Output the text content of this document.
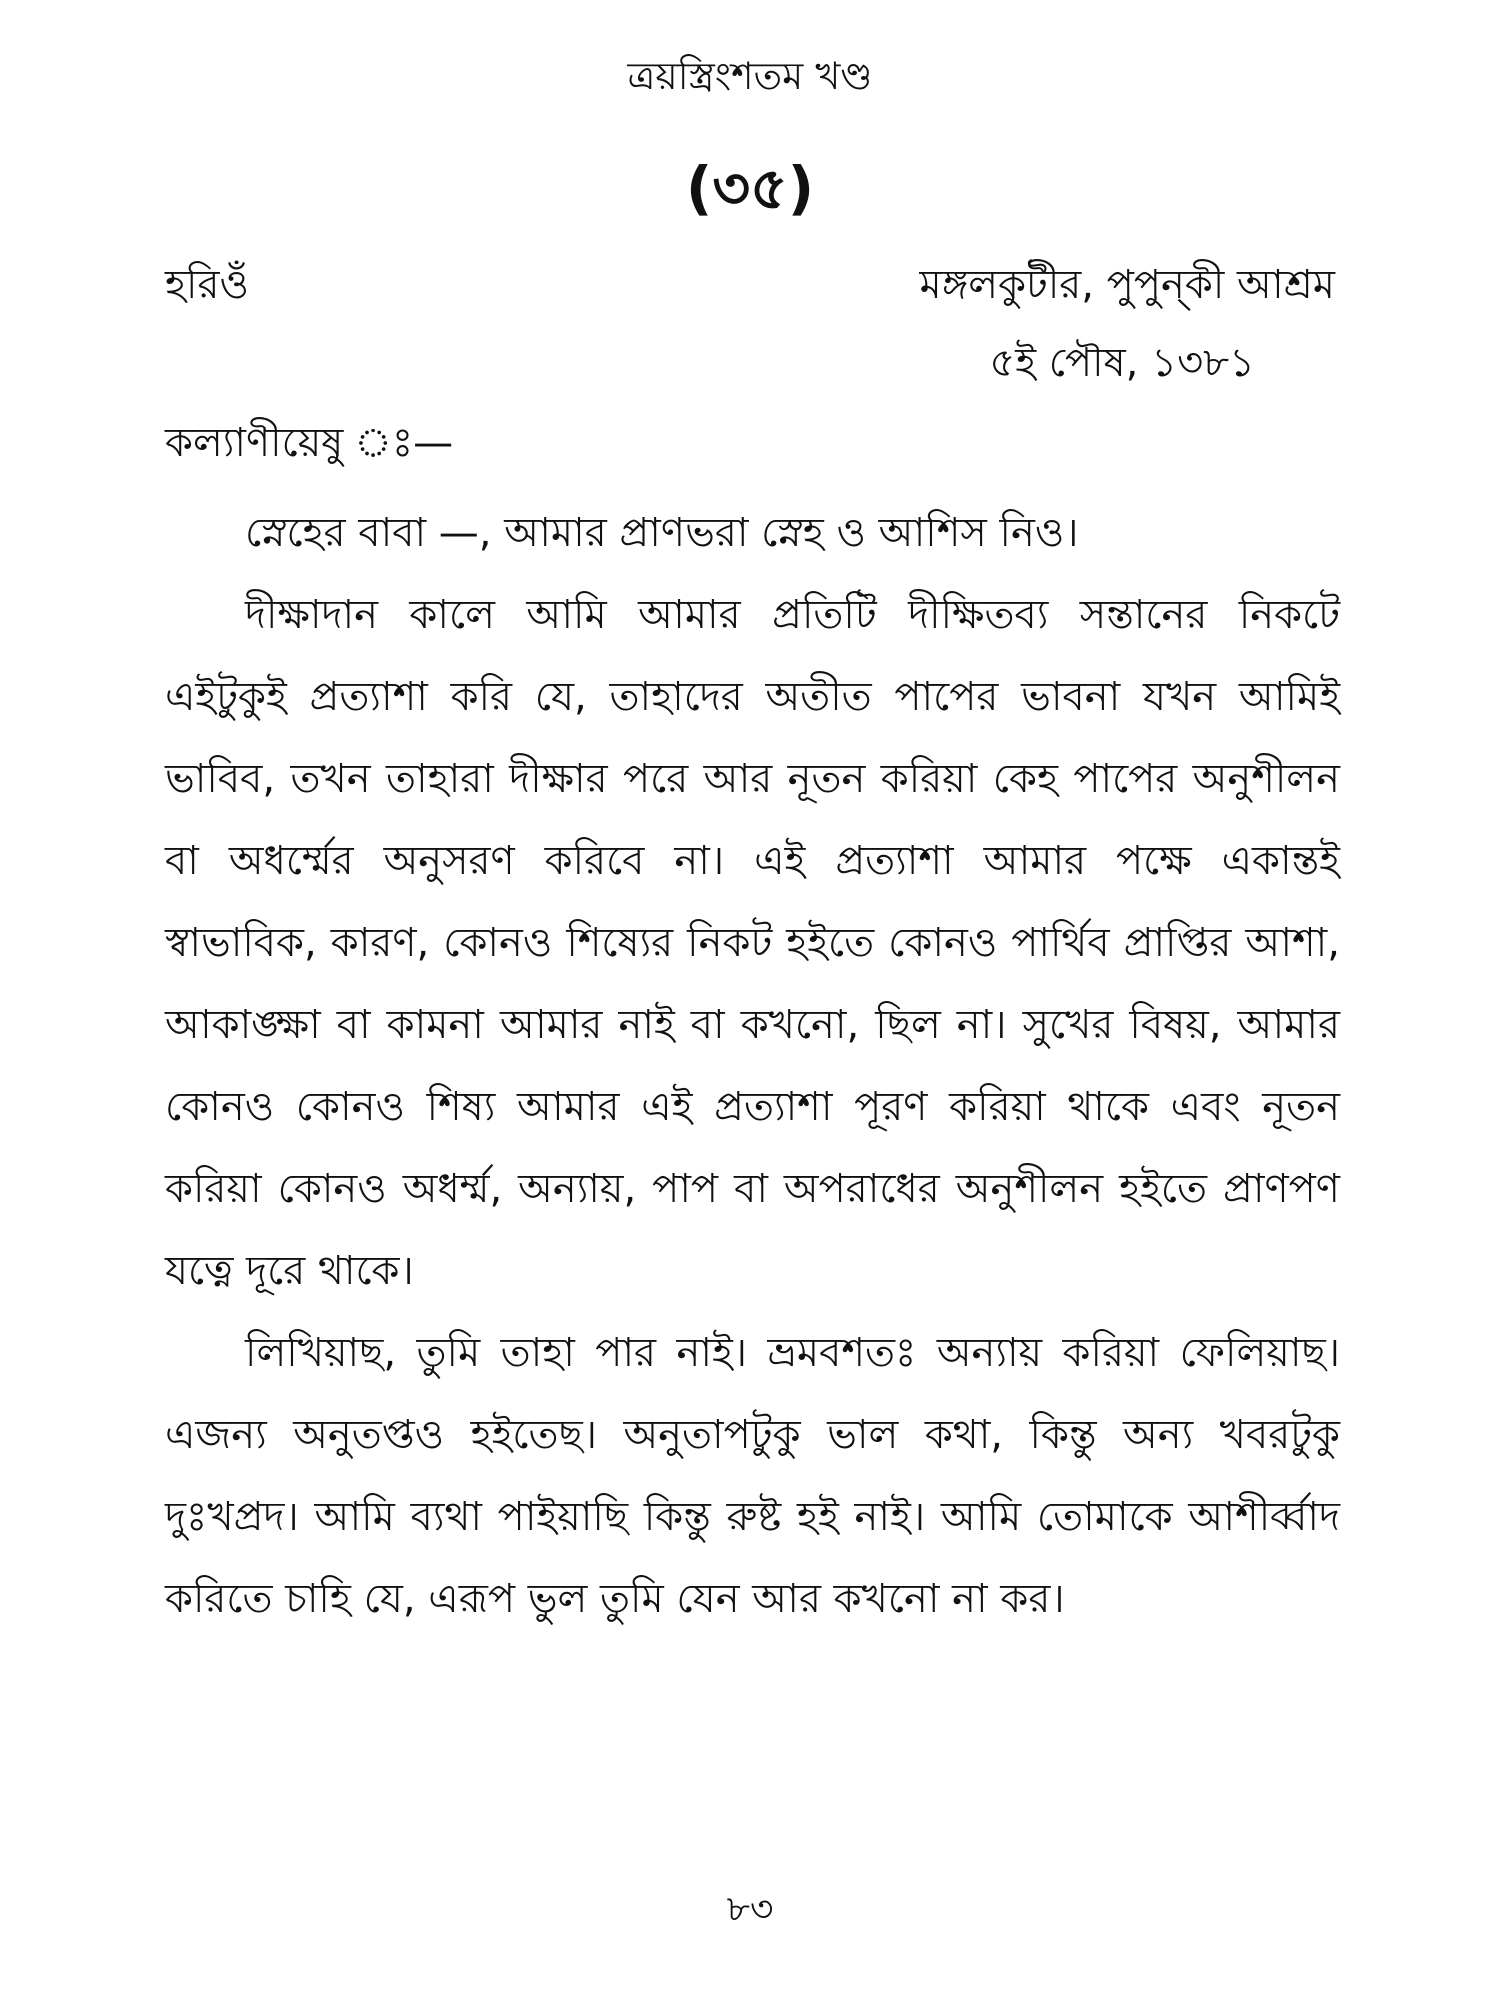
ত্রয়স্ত্রিংশতম খণ্ড
(৩৫)
হরিওঁ	মঙ্গলকুটীর, পুপুন্‌কী আশ্রম
৫ই পৌষ, ১৩৮১
কল্যাণীয়েষু ঃ—

স্নেহের বাবা —, আমার প্রাণভরা স্নেহ ও আশিস নিও।

দীক্ষাদান কালে আমি আমার প্রতিটি দীক্ষিতব্য সন্তানের নিকটে এইটুকুই প্রত্যাশা করি যে, তাহাদের অতীত পাপের ভাবনা যখন আমিই ভাবিব, তখন তাহারা দীক্ষার পরে আর নূতন করিয়া কেহ পাপের অনুশীলন বা অধর্ম্মের অনুসরণ করিবে না। এই প্রত্যাশা আমার পক্ষে একান্তই স্বাভাবিক, কারণ, কোনও শিষ্যের নিকট হইতে কোনও পার্থিব প্রাপ্তির আশা, আকাঙ্ক্ষা বা কামনা আমার নাই বা কখনো, ছিল না। সুখের বিষয়, আমার কোনও কোনও শিষ্য আমার এই প্রত্যাশা পূরণ করিয়া থাকে এবং নূতন করিয়া কোনও অধর্ম্ম, অন্যায়, পাপ বা অপরাধের অনুশীলন হইতে প্রাণপণ যত্নে দূরে থাকে।

লিখিয়াছ, তুমি তাহা পার নাই। ভ্রমবশতঃ অন্যায় করিয়া ফেলিয়াছ। এজন্য অনুতপ্তও হইতেছ। অনুতাপটুকু ভাল কথা, কিন্তু অন্য খবরটুকু দুঃখপ্রদ। আমি ব্যথা পাইয়াছি কিন্তু রুষ্ট হই নাই। আমি তোমাকে আশীর্ব্বাদ করিতে চাহি যে, এরূপ ভুল তুমি যেন আর কখনো না কর।

৮৩
